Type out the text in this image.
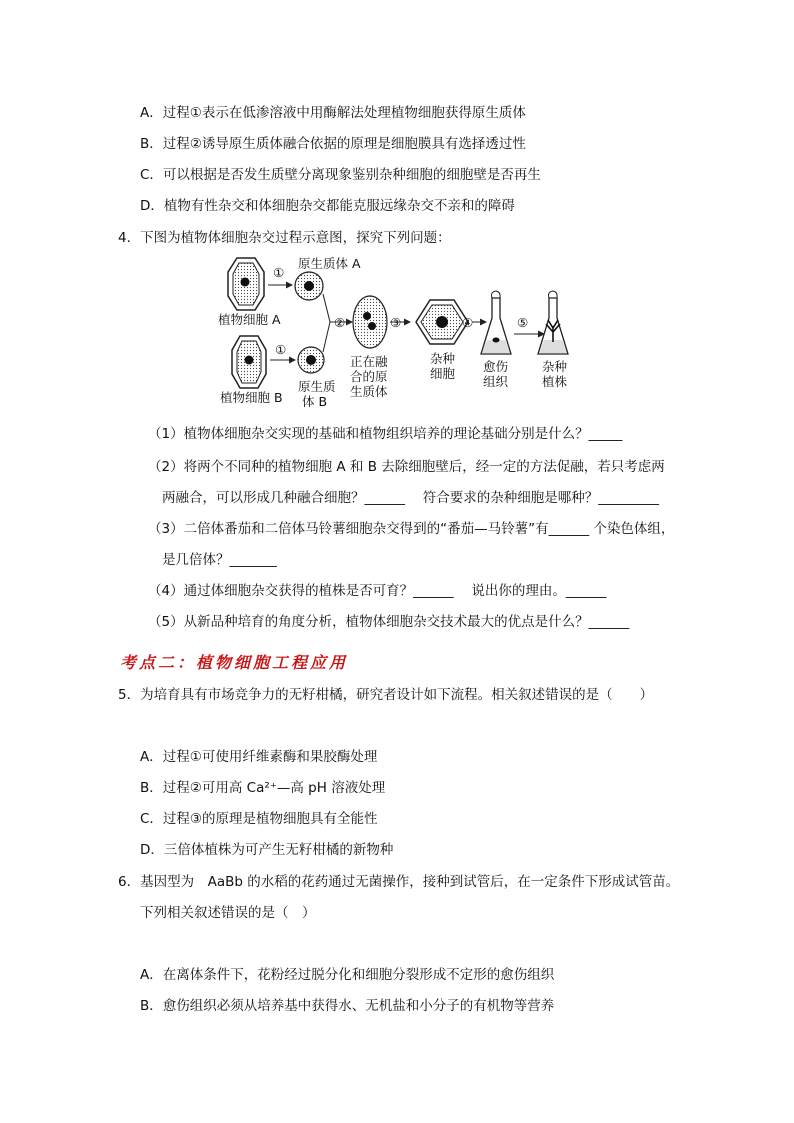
A．过程①表示在低渗溶液中用酶解法处理植物细胞获得原生质体
B．过程②诱导原生质体融合依据的原理是细胞膜具有选择透过性
C．可以根据是否发生质壁分离现象鉴别杂种细胞的细胞壁是否再生
D．植物有性杂交和体细胞杂交都能克服远缘杂交不亲和的障碍
4．下图为植物体细胞杂交过程示意图，探究下列问题：
植物细胞 A
①
原生质体 A
植物细胞 B
①
原生质
体 B
②
正在融
合的原
生质体
③
杂种
细胞
④
愈伤
组织
⑤
杂种
植株
（1）植物体细胞杂交实现的基础和植物组织培养的理论基础分别是什么？_____
（2）将两个不同种的植物细胞 A 和 B 去除细胞壁后，经一定的方法促融，若只考虑两
两融合，可以形成几种融合细胞？______　 符合要求的杂种细胞是哪种？_________
（3）二倍体番茄和二倍体马铃薯细胞杂交得到的“番茄—马铃薯”有______ 个染色体组，
是几倍体？_______
（4）通过体细胞杂交获得的植株是否可育？______　 说出你的理由。______
（5）从新品种培育的角度分析，植物体细胞杂交技术最大的优点是什么？______
考点二：植物细胞工程应用
5．为培育具有市场竞争力的无籽柑橘，研究者设计如下流程。相关叙述错误的是（　　）
A．过程①可使用纤维素酶和果胶酶处理
B．过程②可用高 Ca²⁺—高 pH 溶液处理
C．过程③的原理是植物细胞具有全能性
D．三倍体植株为可产生无籽柑橘的新物种
6．基因型为　AaBb 的水稻的花药通过无菌操作，接种到试管后，在一定条件下形成试管苗。
下列相关叙述错误的是（　）
A．在离体条件下，花粉经过脱分化和细胞分裂形成不定形的愈伤组织
B．愈伤组织必须从培养基中获得水、无机盐和小分子的有机物等营养
